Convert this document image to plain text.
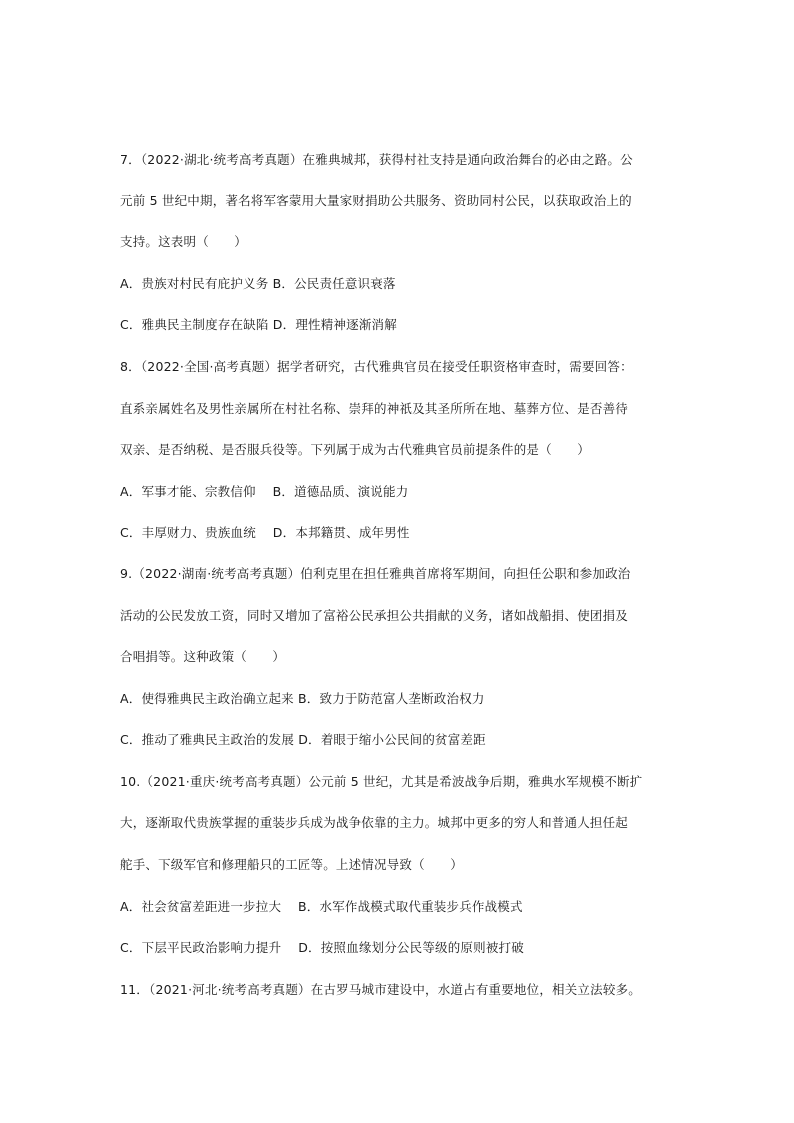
7．（2022·湖北·统考高考真题）在雅典城邦，获得村社支持是通向政治舞台的必由之路。公
元前 5 世纪中期，著名将军客蒙用大量家财捐助公共服务、资助同村公民，以获取政治上的
支持。这表明（　　）
A．贵族对村民有庇护义务 B．公民责任意识衰落
C．雅典民主制度存在缺陷 D．理性精神逐渐消解
8．（2022·全国·高考真题）据学者研究，古代雅典官员在接受任职资格审查时，需要回答：
直系亲属姓名及男性亲属所在村社名称、崇拜的神祇及其圣所所在地、墓葬方位、是否善待
双亲、是否纳税、是否服兵役等。下列属于成为古代雅典官员前提条件的是（　　）
A．军事才能、宗教信仰　 B．道德品质、演说能力
C．丰厚财力、贵族血统　 D．本邦籍贯、成年男性
9.（2022·湖南·统考高考真题）伯利克里在担任雅典首席将军期间，向担任公职和参加政治
活动的公民发放工资，同时又增加了富裕公民承担公共捐献的义务，诸如战船捐、使团捐及
合唱捐等。这种政策（　　）
A．使得雅典民主政治确立起来 B．致力于防范富人垄断政治权力
C．推动了雅典民主政治的发展 D．着眼于缩小公民间的贫富差距
10.（2021·重庆·统考高考真题）公元前 5 世纪，尤其是希波战争后期，雅典水军规模不断扩
大，逐渐取代贵族掌握的重装步兵成为战争依靠的主力。城邦中更多的穷人和普通人担任起
舵手、下级军官和修理船只的工匠等。上述情况导致（　　）
A．社会贫富差距进一步拉大　 B．水军作战模式取代重装步兵作战模式
C．下层平民政治影响力提升　 D．按照血缘划分公民等级的原则被打破
11．（2021·河北·统考高考真题）在古罗马城市建设中，水道占有重要地位，相关立法较多。
